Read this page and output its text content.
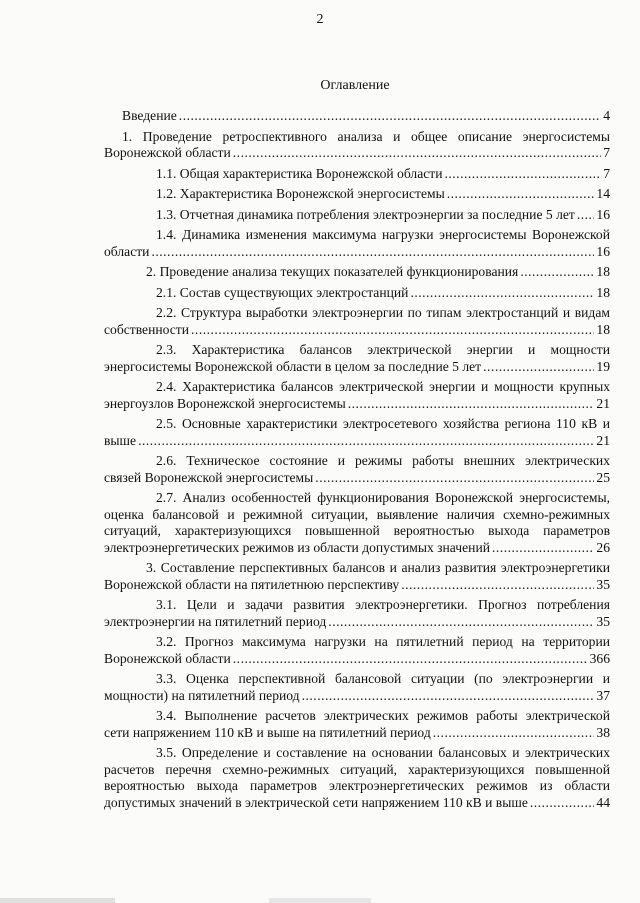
2
Оглавление
Введение .....	4
1. Проведение ретроспективного анализа и общее описание энергосистемы
Воронежской области .....	7
1.1. Общая характеристика Воронежской области .....	7
1.2. Характеристика Воронежской энергосистемы .....	14
1.3. Отчетная динамика потребления электроэнергии за последние 5 лет ..... 16
1.4. Динамика изменения максимума нагрузки энергосистемы Воронежской
области .....	16
2. Проведение анализа текущих показателей функционирования .....	18
2.1. Состав существующих электростанций .....	18
2.2. Структура выработки электроэнергии по типам электростанций и видам
собственности .....	18
2.3. Характеристика балансов электрической энергии и мощности
энергосистемы Воронежской области в целом за последние 5 лет .....	19
2.4. Характеристика балансов электрической энергии и мощности крупных
энергоузлов Воронежской энергосистемы .....	21
2.5. Основные характеристики электросетевого хозяйства региона 110 кВ и
выше .....	21
2.6. Техническое состояние и режимы работы внешних электрических
связей Воронежской энергосистемы .....	25
2.7. Анализ особенностей функционирования Воронежской энергосистемы,
оценка балансовой и режимной ситуации, выявление наличия схемно-режимных
ситуаций, характеризующихся повышенной вероятностью выхода параметров
электроэнергетических режимов из области допустимых значений .....	26
3. Составление перспективных балансов и анализ развития электроэнергетики
Воронежской области на пятилетнюю перспективу .....	35
3.1. Цели и задачи развития электроэнергетики. Прогноз потребления
электроэнергии на пятилетний период .....	35
3.2. Прогноз максимума нагрузки на пятилетний период на территории
Воронежской области .....	366
3.3. Оценка перспективной балансовой ситуации (по электроэнергии и
мощности) на пятилетний период .....	37
3.4. Выполнение расчетов электрических режимов работы электрической
сети напряжением 110 кВ и выше на пятилетний период .....	38
3.5. Определение и составление на основании балансовых и электрических
расчетов перечня схемно-режимных ситуаций, характеризующихся повышенной
вероятностью выхода параметров электроэнергетических режимов из области
допустимых значений в электрической сети напряжением 110 кВ и выше .....	44
